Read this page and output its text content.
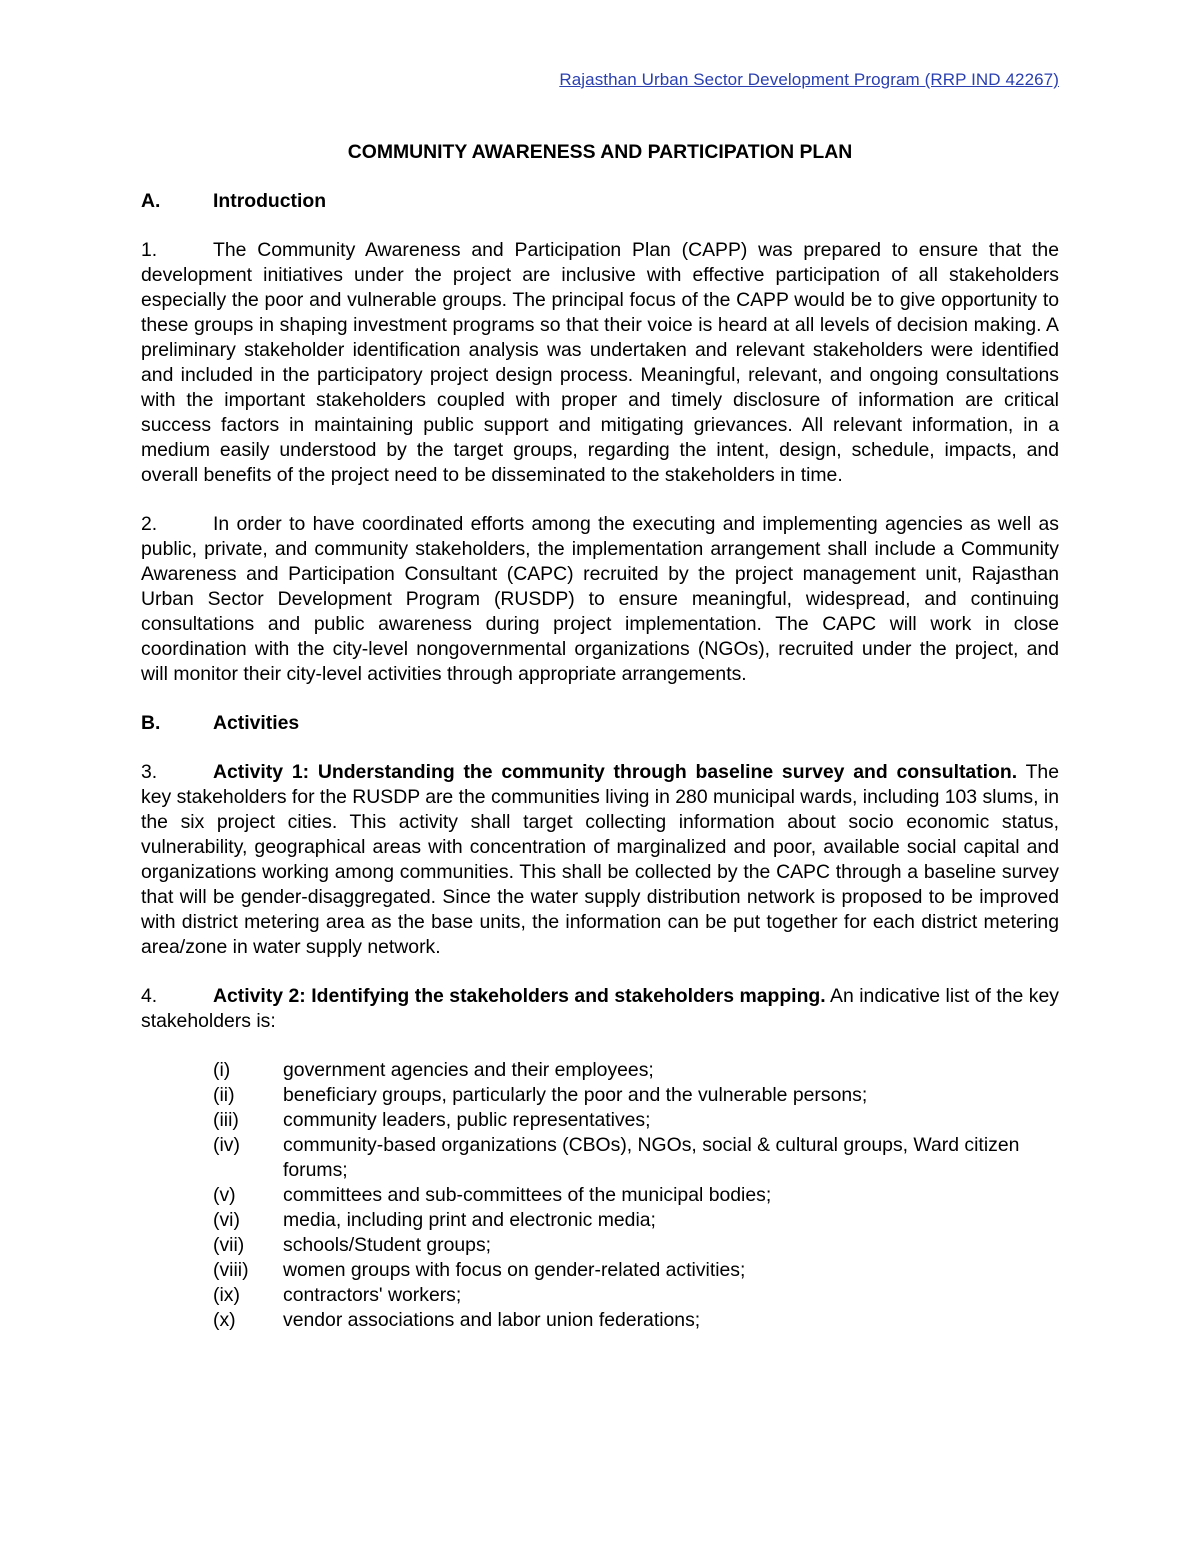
Rajasthan Urban Sector Development Program (RRP IND 42267)
COMMUNITY AWARENESS AND PARTICIPATION PLAN
A.	Introduction

1.	The Community Awareness and Participation Plan (CAPP) was prepared to ensure that the development initiatives under the project are inclusive with effective participation of all stakeholders especially the poor and vulnerable groups. The principal focus of the CAPP would be to give opportunity to these groups in shaping investment programs so that their voice is heard at all levels of decision making. A preliminary stakeholder identification analysis was undertaken and relevant stakeholders were identified and included in the participatory project design process. Meaningful, relevant, and ongoing consultations with the important stakeholders coupled with proper and timely disclosure of information are critical success factors in maintaining public support and mitigating grievances. All relevant information, in a medium easily understood by the target groups, regarding the intent, design, schedule, impacts, and overall benefits of the project need to be disseminated to the stakeholders in time.

2.	In order to have coordinated efforts among the executing and implementing agencies as well as public, private, and community stakeholders, the implementation arrangement shall include a Community Awareness and Participation Consultant (CAPC) recruited by the project management unit, Rajasthan Urban Sector Development Program (RUSDP) to ensure meaningful, widespread, and continuing consultations and public awareness during project implementation. The CAPC will work in close coordination with the city-level nongovernmental organizations (NGOs), recruited under the project, and will monitor their city-level activities through appropriate arrangements.

B.	Activities

3.	Activity 1: Understanding the community through baseline survey and consultation. The key stakeholders for the RUSDP are the communities living in 280 municipal wards, including 103 slums, in the six project cities. This activity shall target collecting information about socio economic status, vulnerability, geographical areas with concentration of marginalized and poor, available social capital and organizations working among communities. This shall be collected by the CAPC through a baseline survey that will be gender-disaggregated. Since the water supply distribution network is proposed to be improved with district metering area as the base units, the information can be put together for each district metering area/zone in water supply network.

4.	Activity 2: Identifying the stakeholders and stakeholders mapping. An indicative list of the key stakeholders is:

(i)	government agencies and their employees;
(ii)	beneficiary groups, particularly the poor and the vulnerable persons;
(iii)	community leaders, public representatives;
(iv)	community-based organizations (CBOs), NGOs, social & cultural groups, Ward citizen forums;
(v)	committees and sub-committees of the municipal bodies;
(vi)	media, including print and electronic media;
(vii)	schools/Student groups;
(viii)	women groups with focus on gender-related activities;
(ix)	contractors' workers;
(x)	vendor associations and labor union federations;
